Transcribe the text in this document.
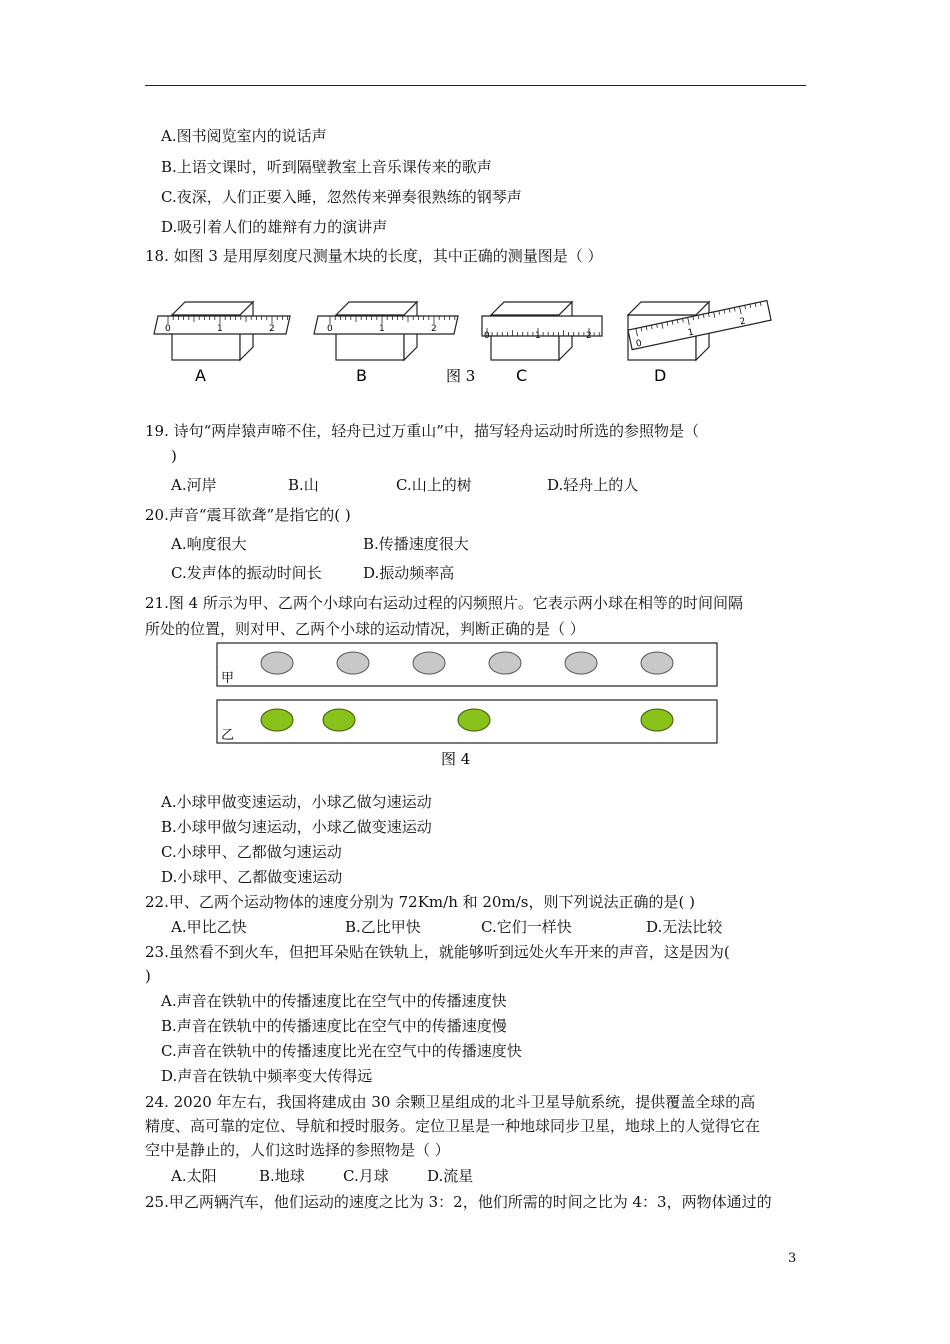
A.图书阅览室内的说话声
B.上语文课时，听到隔壁教室上音乐课传来的歌声
C.夜深，人们正要入睡，忽然传来弹奏很熟练的钢琴声
D.吸引着人们的雄辩有力的演讲声
18. 如图 3 是用厚刻度尺测量木块的长度，其中正确的测量图是（ ）
0	1	2	0	1	2
0	1	2
0
1
2
A	B	C	D
图 3
19. 诗句“两岸猿声啼不住，轻舟已过万重山”中，描写轻舟运动时所选的参照物是（
)
A.河岸	B.山	C.山上的树	D.轻舟上的人
20.声音“震耳欲聋”是指它的( )
A.响度很大	B.传播速度很大
C.发声体的振动时间长	D.振动频率高
21.图 4 所示为甲、乙两个小球向右运动过程的闪频照片。它表示两小球在相等的时间间隔
所处的位置，则对甲、乙两个小球的运动情况，判断正确的是（ ）
甲
乙
图 4
A.小球甲做变速运动，小球乙做匀速运动
B.小球甲做匀速运动，小球乙做变速运动
C.小球甲、乙都做匀速运动
D.小球甲、乙都做变速运动
22.甲、乙两个运动物体的速度分别为 72Km/h 和 20m/s，则下列说法正确的是( )
A.甲比乙快	B.乙比甲快	C.它们一样快	D.无法比较
23.虽然看不到火车，但把耳朵贴在铁轨上，就能够听到远处火车开来的声音，这是因为(
)
A.声音在铁轨中的传播速度比在空气中的传播速度快
B.声音在铁轨中的传播速度比在空气中的传播速度慢
C.声音在铁轨中的传播速度比光在空气中的传播速度快
D.声音在铁轨中频率变大传得远
24. 2020 年左右，我国将建成由 30 余颗卫星组成的北斗卫星导航系统，提供覆盖全球的高
精度、高可靠的定位、导航和授时服务。定位卫星是一种地球同步卫星，地球上的人觉得它在
空中是静止的，人们这时选择的参照物是（ ）
A.太阳	B.地球	C.月球	D.流星
25.甲乙两辆汽车，他们运动的速度之比为 3：2，他们所需的时间之比为 4：3，两物体通过的
3
